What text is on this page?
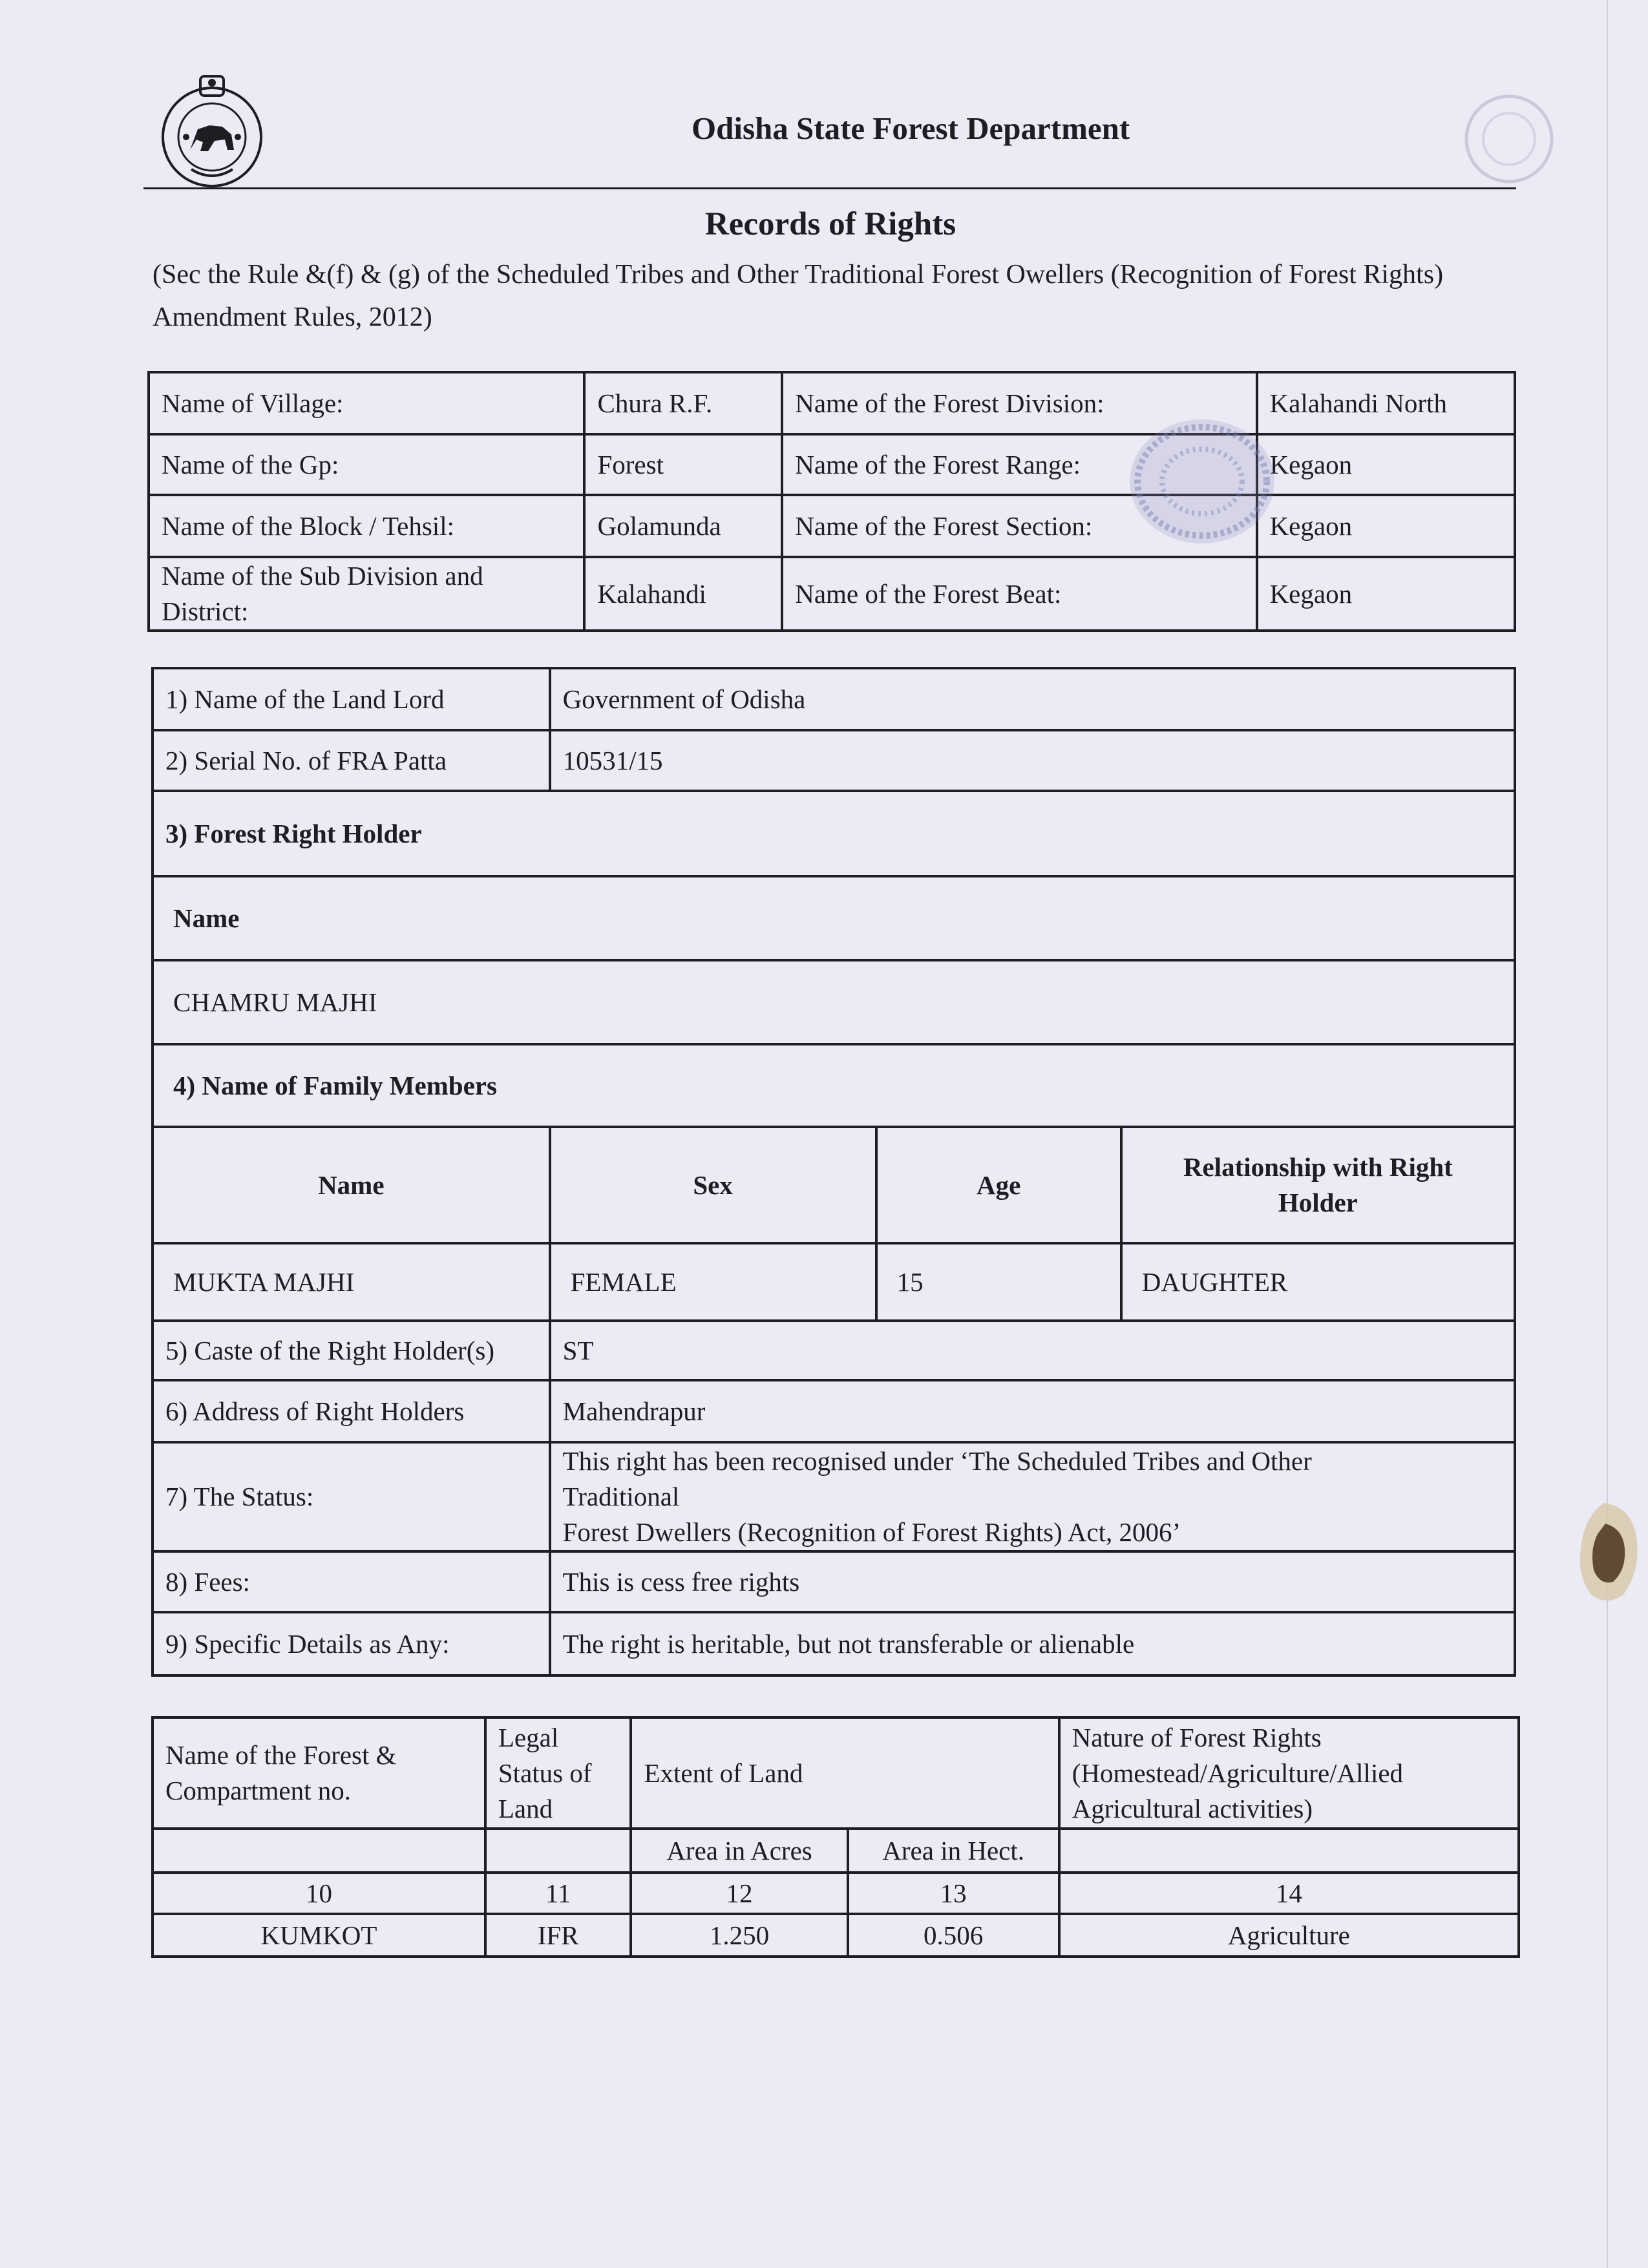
Odisha State Forest Department
Records of Rights
(Sec the Rule &(f) & (g) of the Scheduled Tribes and Other Traditional Forest Owellers (Recognition of Forest Rights) Amendment Rules, 2012)
Name of Village:	Chura R.F.	Name of the Forest Division:	Kalahandi North
Name of the Gp:	Forest	Name of the Forest Range:	Kegaon
Name of the Block / Tehsil:	Golamunda	Name of the Forest Section:	Kegaon
Name of the Sub Division and District:	Kalahandi	Name of the Forest Beat:	Kegaon
1) Name of the Land Lord	Government of Odisha		
2) Serial No. of FRA Patta	10531/15		
3) Forest Right Holder			
Name			
CHAMRU MAJHI			
4) Name of Family Members			
Name	Sex	Age	Relationship with Right Holder
MUKTA MAJHI	FEMALE	15	DAUGHTER
5) Caste of the Right Holder(s)	ST		
6) Address of Right Holders	Mahendrapur		
7) The Status:	This right has been recognised under ‘The Scheduled Tribes and Other
Traditional
Forest Dwellers (Recognition of Forest Rights) Act, 2006’		

8) Fees:	This is cess free rights		
9) Specific Details as Any:	The right is heritable, but not transferable or alienable		
Name of the Forest & Compartment no.	Legal Status of Land	Extent of Land		Nature of Forest Rights (Homestead/Agriculture/Allied Agricultural activities)
		Area in Acres	Area in Hect.	
10	11	12	13	14
KUMKOT	IFR	1.250	0.506	Agriculture
